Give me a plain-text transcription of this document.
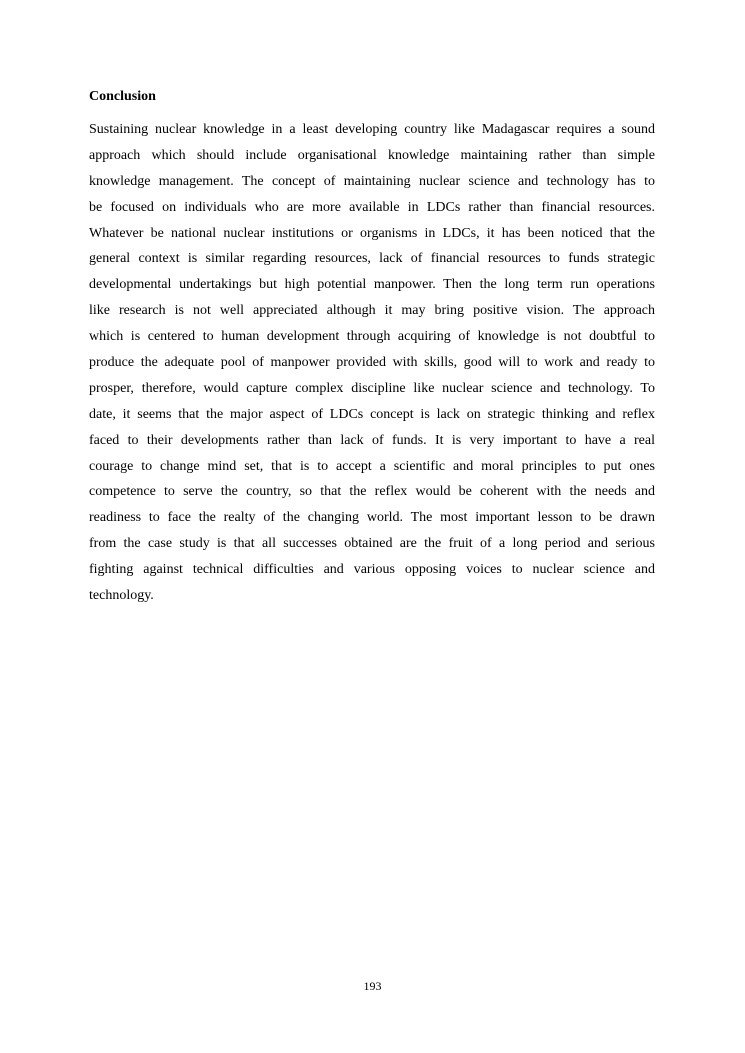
Conclusion
Sustaining nuclear knowledge in a least developing country like Madagascar requires a sound
approach which should include organisational knowledge maintaining rather than simple
knowledge management. The concept of maintaining nuclear science and technology has to
be focused on individuals who are more available in LDCs rather than financial resources.
Whatever be national nuclear institutions or organisms in LDCs, it has been noticed that the
general context is similar regarding resources, lack of financial resources to funds strategic
developmental undertakings but high potential manpower. Then the long term run operations
like research is not well appreciated although it may bring positive vision. The approach
which is centered to human development through acquiring of knowledge is not doubtful to
produce the adequate pool of manpower provided with skills, good will to work and ready to
prosper, therefore, would capture complex discipline like nuclear science and technology. To
date, it seems that the major aspect of LDCs concept is lack on strategic thinking and reflex
faced to their developments rather than lack of funds. It is very important to have a real
courage to change mind set, that is to accept a scientific and moral principles to put ones
competence to serve the country, so that the reflex would be coherent with the needs and
readiness to face the realty of the changing world. The most important lesson to be drawn
from the case study is that all successes obtained are the fruit of a long period and serious
fighting against technical difficulties and various opposing voices to nuclear science and
technology.
193
